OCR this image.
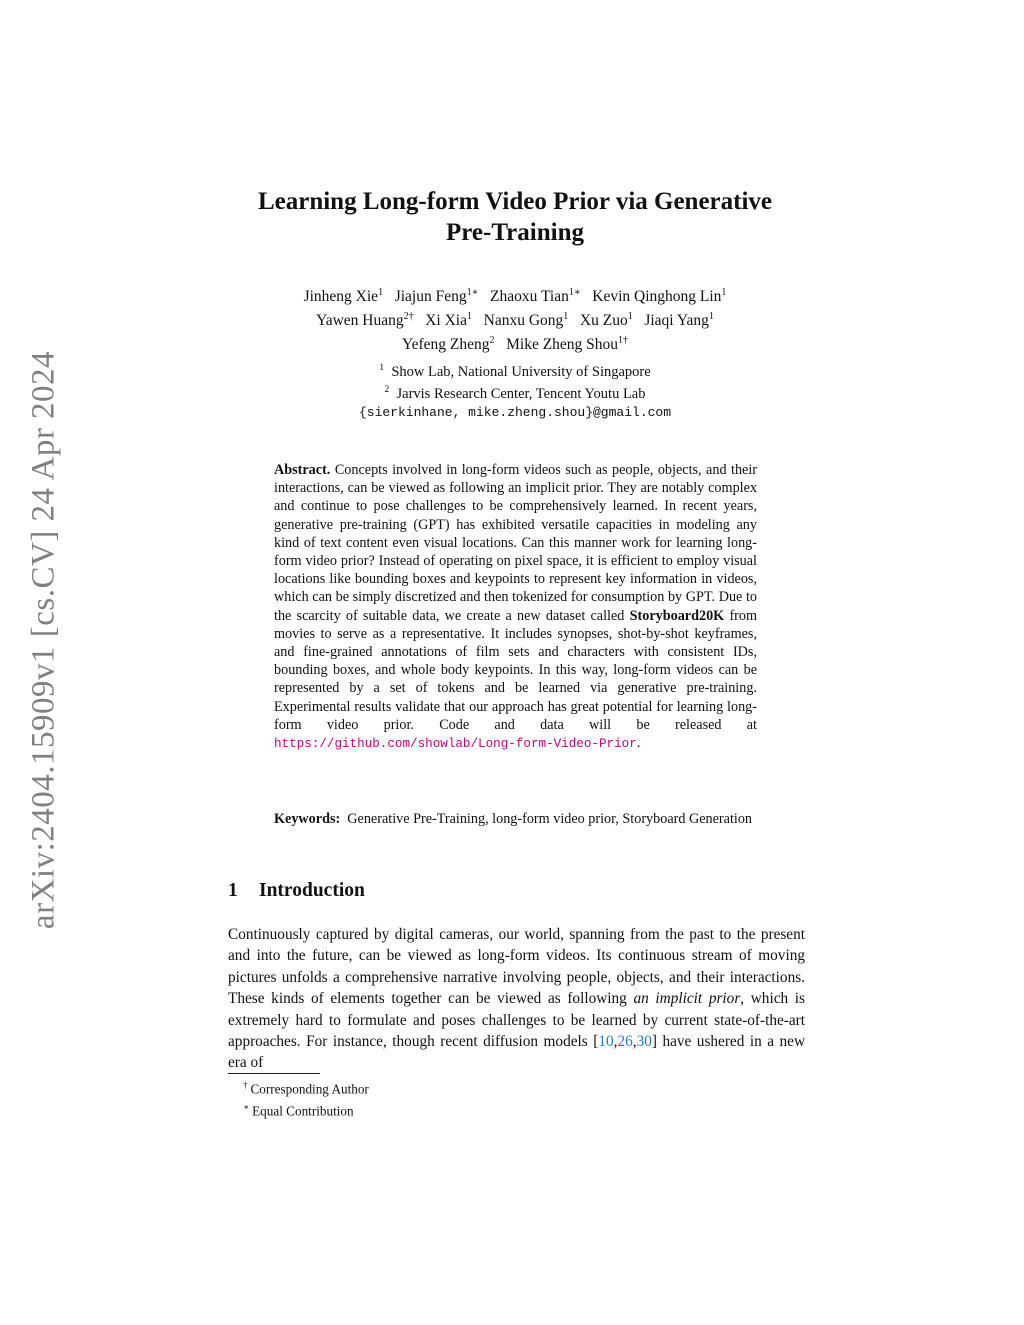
arXiv:2404.15909v1 [cs.CV] 24 Apr 2024
Learning Long-form Video Prior via Generative
Pre-Training
Jinheng Xie$^1$ Jiajun Feng$^{1∗}$ Zhaoxu Tian$^{1∗}$ Kevin Qinghong Lin$^1$
Yawen Huang$^{2\dagger}$ Xi Xia$^1$ Nanxu Gong$^1$ Xu Zuo$^1$ Jiaqi Yang$^1$
Yefeng Zheng$^2$ Mike Zheng Shou$^{1\dagger}$
$^1$ Show Lab, National University of Singapore
$^2$ Jarvis Research Center, Tencent Youtu Lab
{sierkinhane, mike.zheng.shou}@gmail.com
Abstract. Concepts involved in long-form videos such as people, objects, and their interactions, can be viewed as following an implicit prior. They are notably complex and continue to pose challenges to be comprehensively learned. In recent years, generative pre-training (GPT) has exhibited versatile capacities in modeling any kind of text content even visual locations. Can this manner work for learning long-form video prior? Instead of operating on pixel space, it is efficient to employ visual locations like bounding boxes and keypoints to represent key information in videos, which can be simply discretized and then tokenized for consumption by GPT. Due to the scarcity of suitable data, we create a new dataset called Storyboard20K from movies to serve as a representative. It includes synopses, shot-by-shot keyframes, and fine-grained annotations of film sets and characters with consistent IDs, bounding boxes, and whole body keypoints. In this way, long-form videos can be represented by a set of tokens and be learned via generative pre-training. Experimental results validate that our approach has great potential for learning long-form video prior. Code and data will be released at https://github.com/showlab/Long-form-Video-Prior.
Keywords: Generative Pre-Training, long-form video prior, Storyboard Generation
1 Introduction
Continuously captured by digital cameras, our world, spanning from the past to the present and into the future, can be viewed as long-form videos. Its continuous stream of moving pictures unfolds a comprehensive narrative involving people, objects, and their interactions. These kinds of elements together can be viewed as following an implicit prior, which is extremely hard to formulate and poses challenges to be learned by current state-of-the-art approaches. For instance, though recent diffusion models [10,26,30] have ushered in a new era of
† Corresponding Author
∗ Equal Contribution
